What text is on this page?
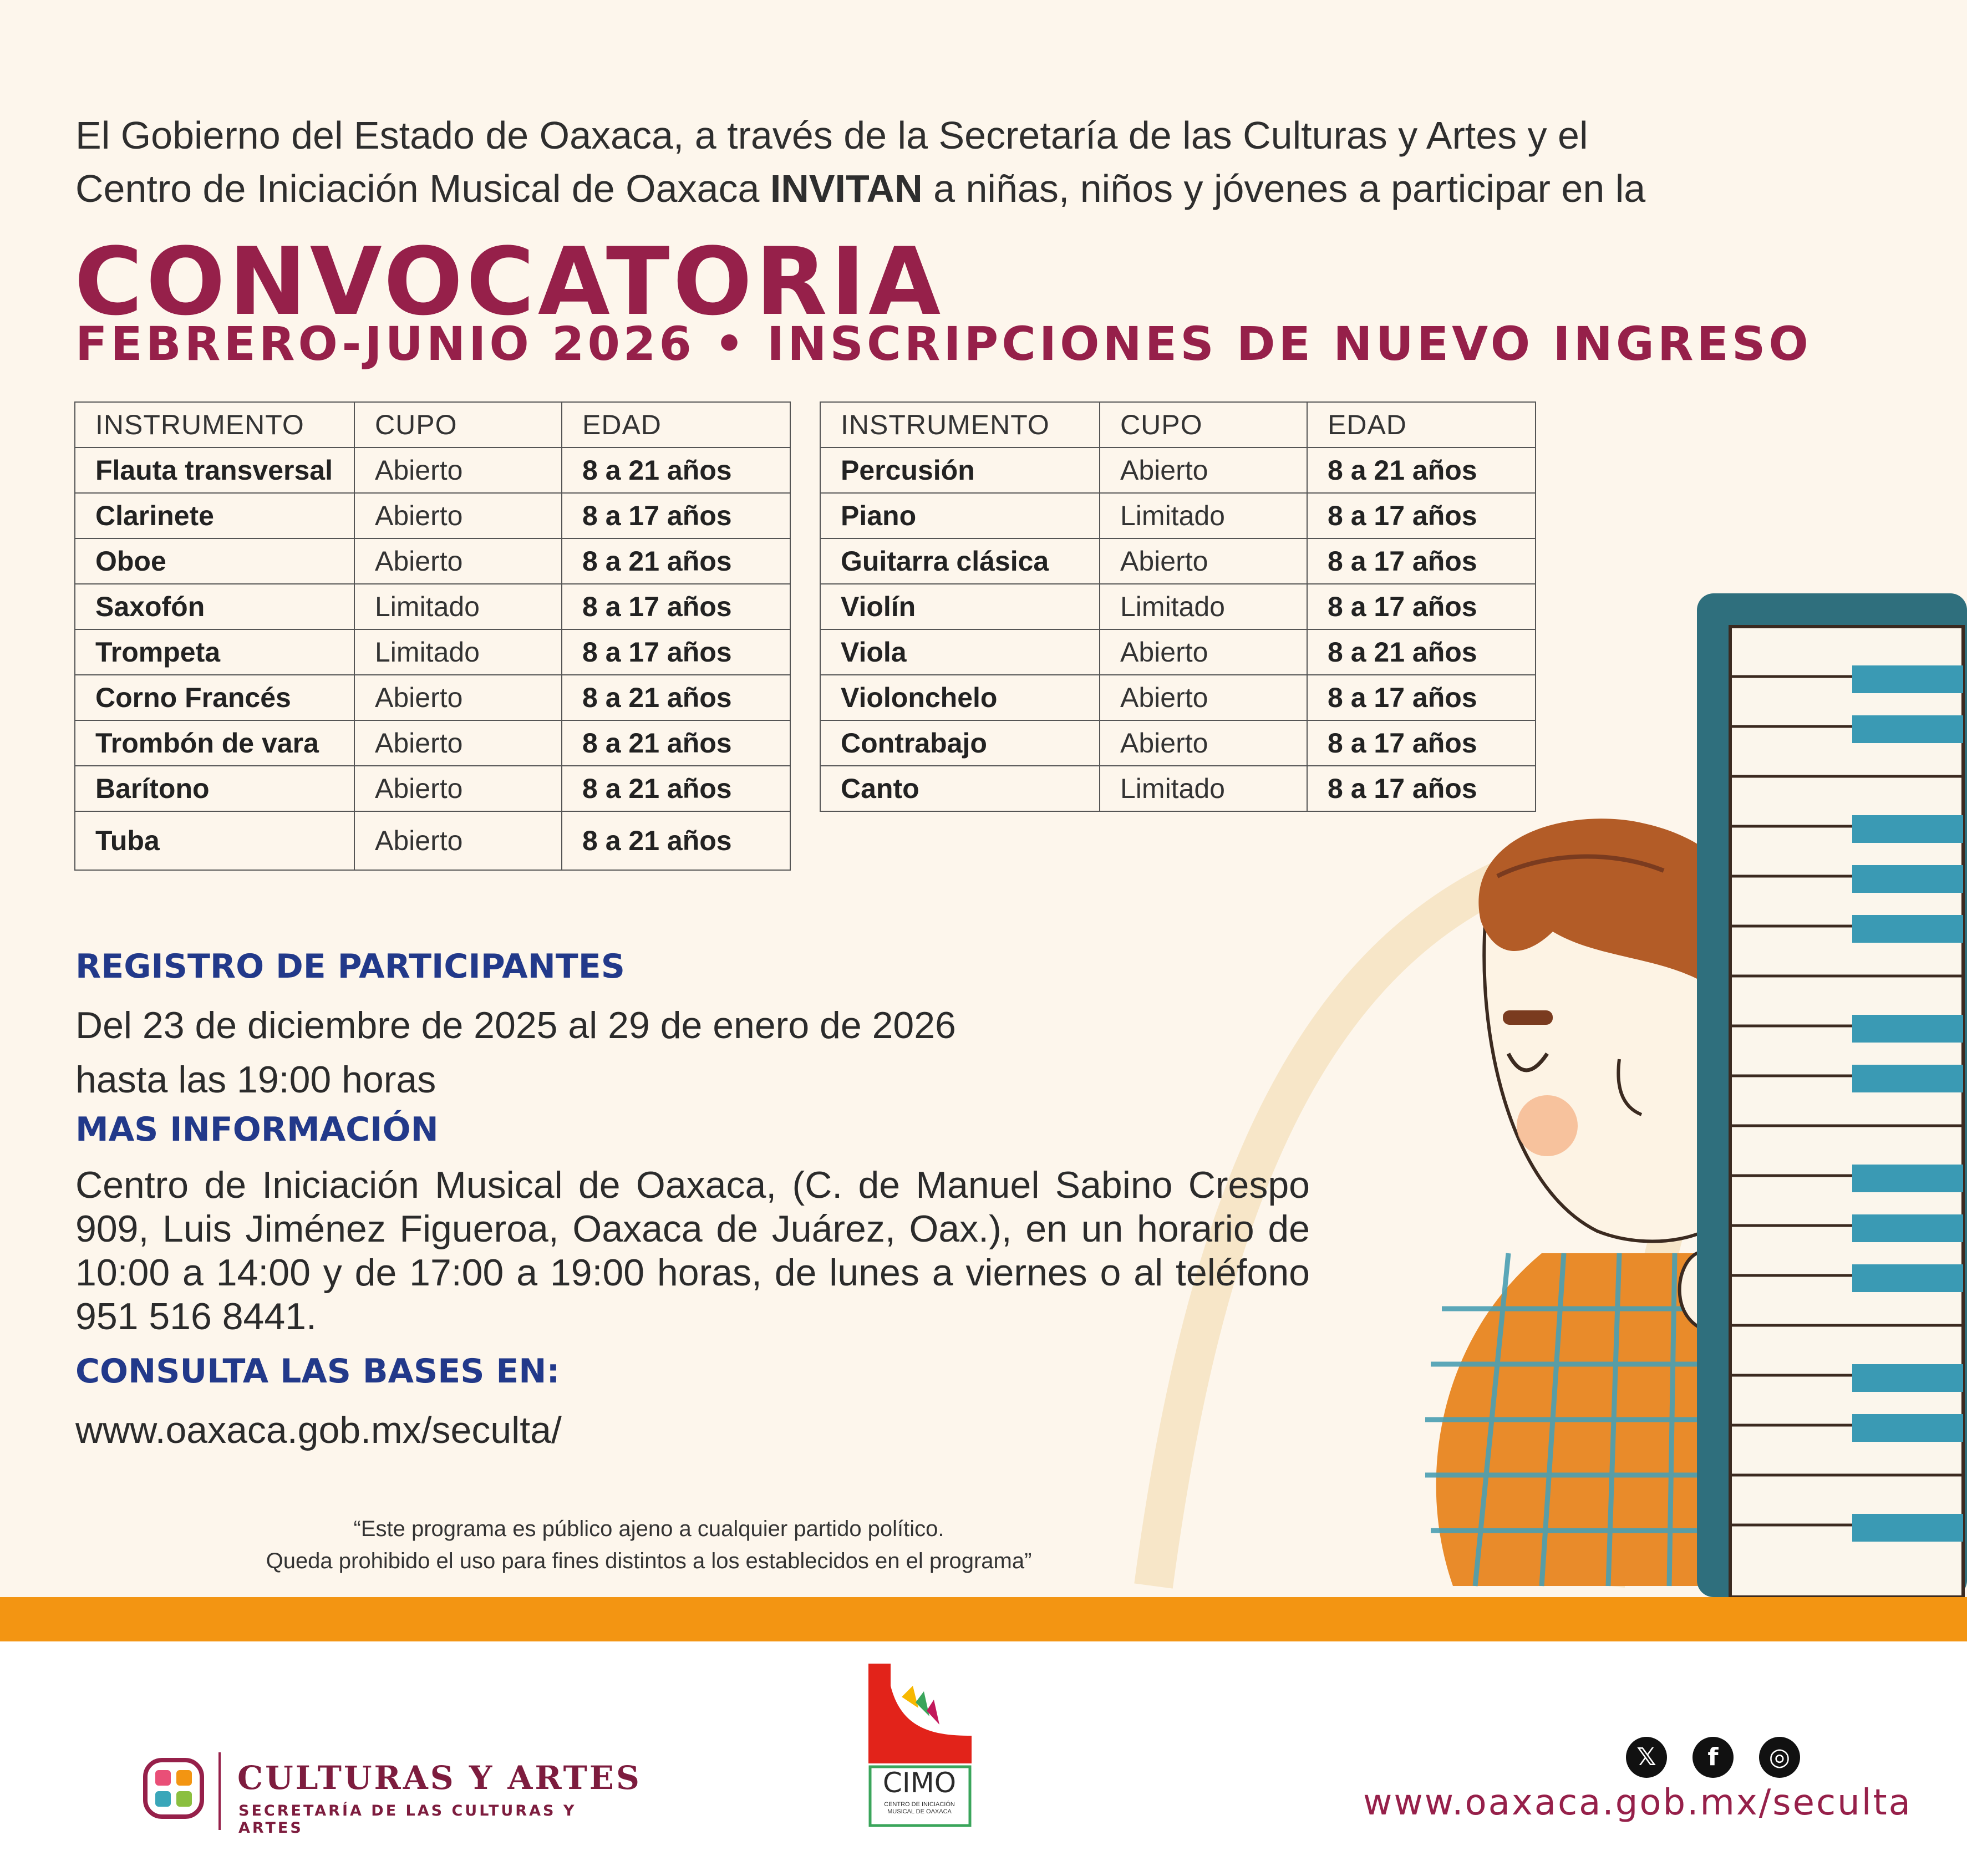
El Gobierno del Estado de Oaxaca, a través de la Secretaría de las Culturas y Artes y el
Centro de Iniciación Musical de Oaxaca INVITAN a niñas, niños y jóvenes a participar en la
CONVOCATORIA
FEBRERO-JUNIO 2026 • INSCRIPCIONES DE NUEVO INGRESO
INSTRUMENTO	CUPO	EDAD
Flauta transversal	Abierto	8 a 21 años
Clarinete	Abierto	8 a 17 años
Oboe	Abierto	8 a 21 años
Saxofón	Limitado	8 a 17 años
Trompeta	Limitado	8 a 17 años
Corno Francés	Abierto	8 a 21 años
Trombón de vara	Abierto	8 a 21 años
Barítono	Abierto	8 a 21 años
Tuba	Abierto	8 a 21 años
INSTRUMENTO	CUPO	EDAD
Percusión	Abierto	8 a 21 años
Piano	Limitado	8 a 17 años
Guitarra clásica	Abierto	8 a 17 años
Violín	Limitado	8 a 17 años
Viola	Abierto	8 a 21 años
Violonchelo	Abierto	8 a 17 años
Contrabajo	Abierto	8 a 17 años
Canto	Limitado	8 a 17 años
REGISTRO DE PARTICIPANTES
Del 23 de diciembre de 2025 al 29 de enero de 2026
hasta las 19:00 horas
MAS INFORMACIÓN
Centro de Iniciación Musical de Oaxaca, (C. de Manuel Sabino Crespo 909, Luis Jiménez Figueroa, Oaxaca de Juárez, Oax.), en un horario de 10:00 a 14:00 y de 17:00 a 19:00 horas, de lunes a viernes o al teléfono 951 516 8441.
CONSULTA LAS BASES EN:
www.oaxaca.gob.mx/seculta/
“Este programa es público ajeno a cualquier partido político.
Queda prohibido el uso para fines distintos a los establecidos en el programa”
CULTURAS Y ARTES
SECRETARÍA DE LAS CULTURAS Y ARTES
CIMO
CENTRO DE INICIACIÓN MUSICAL DE OAXACA
𝕏	f	◎
www.oaxaca.gob.mx/seculta
